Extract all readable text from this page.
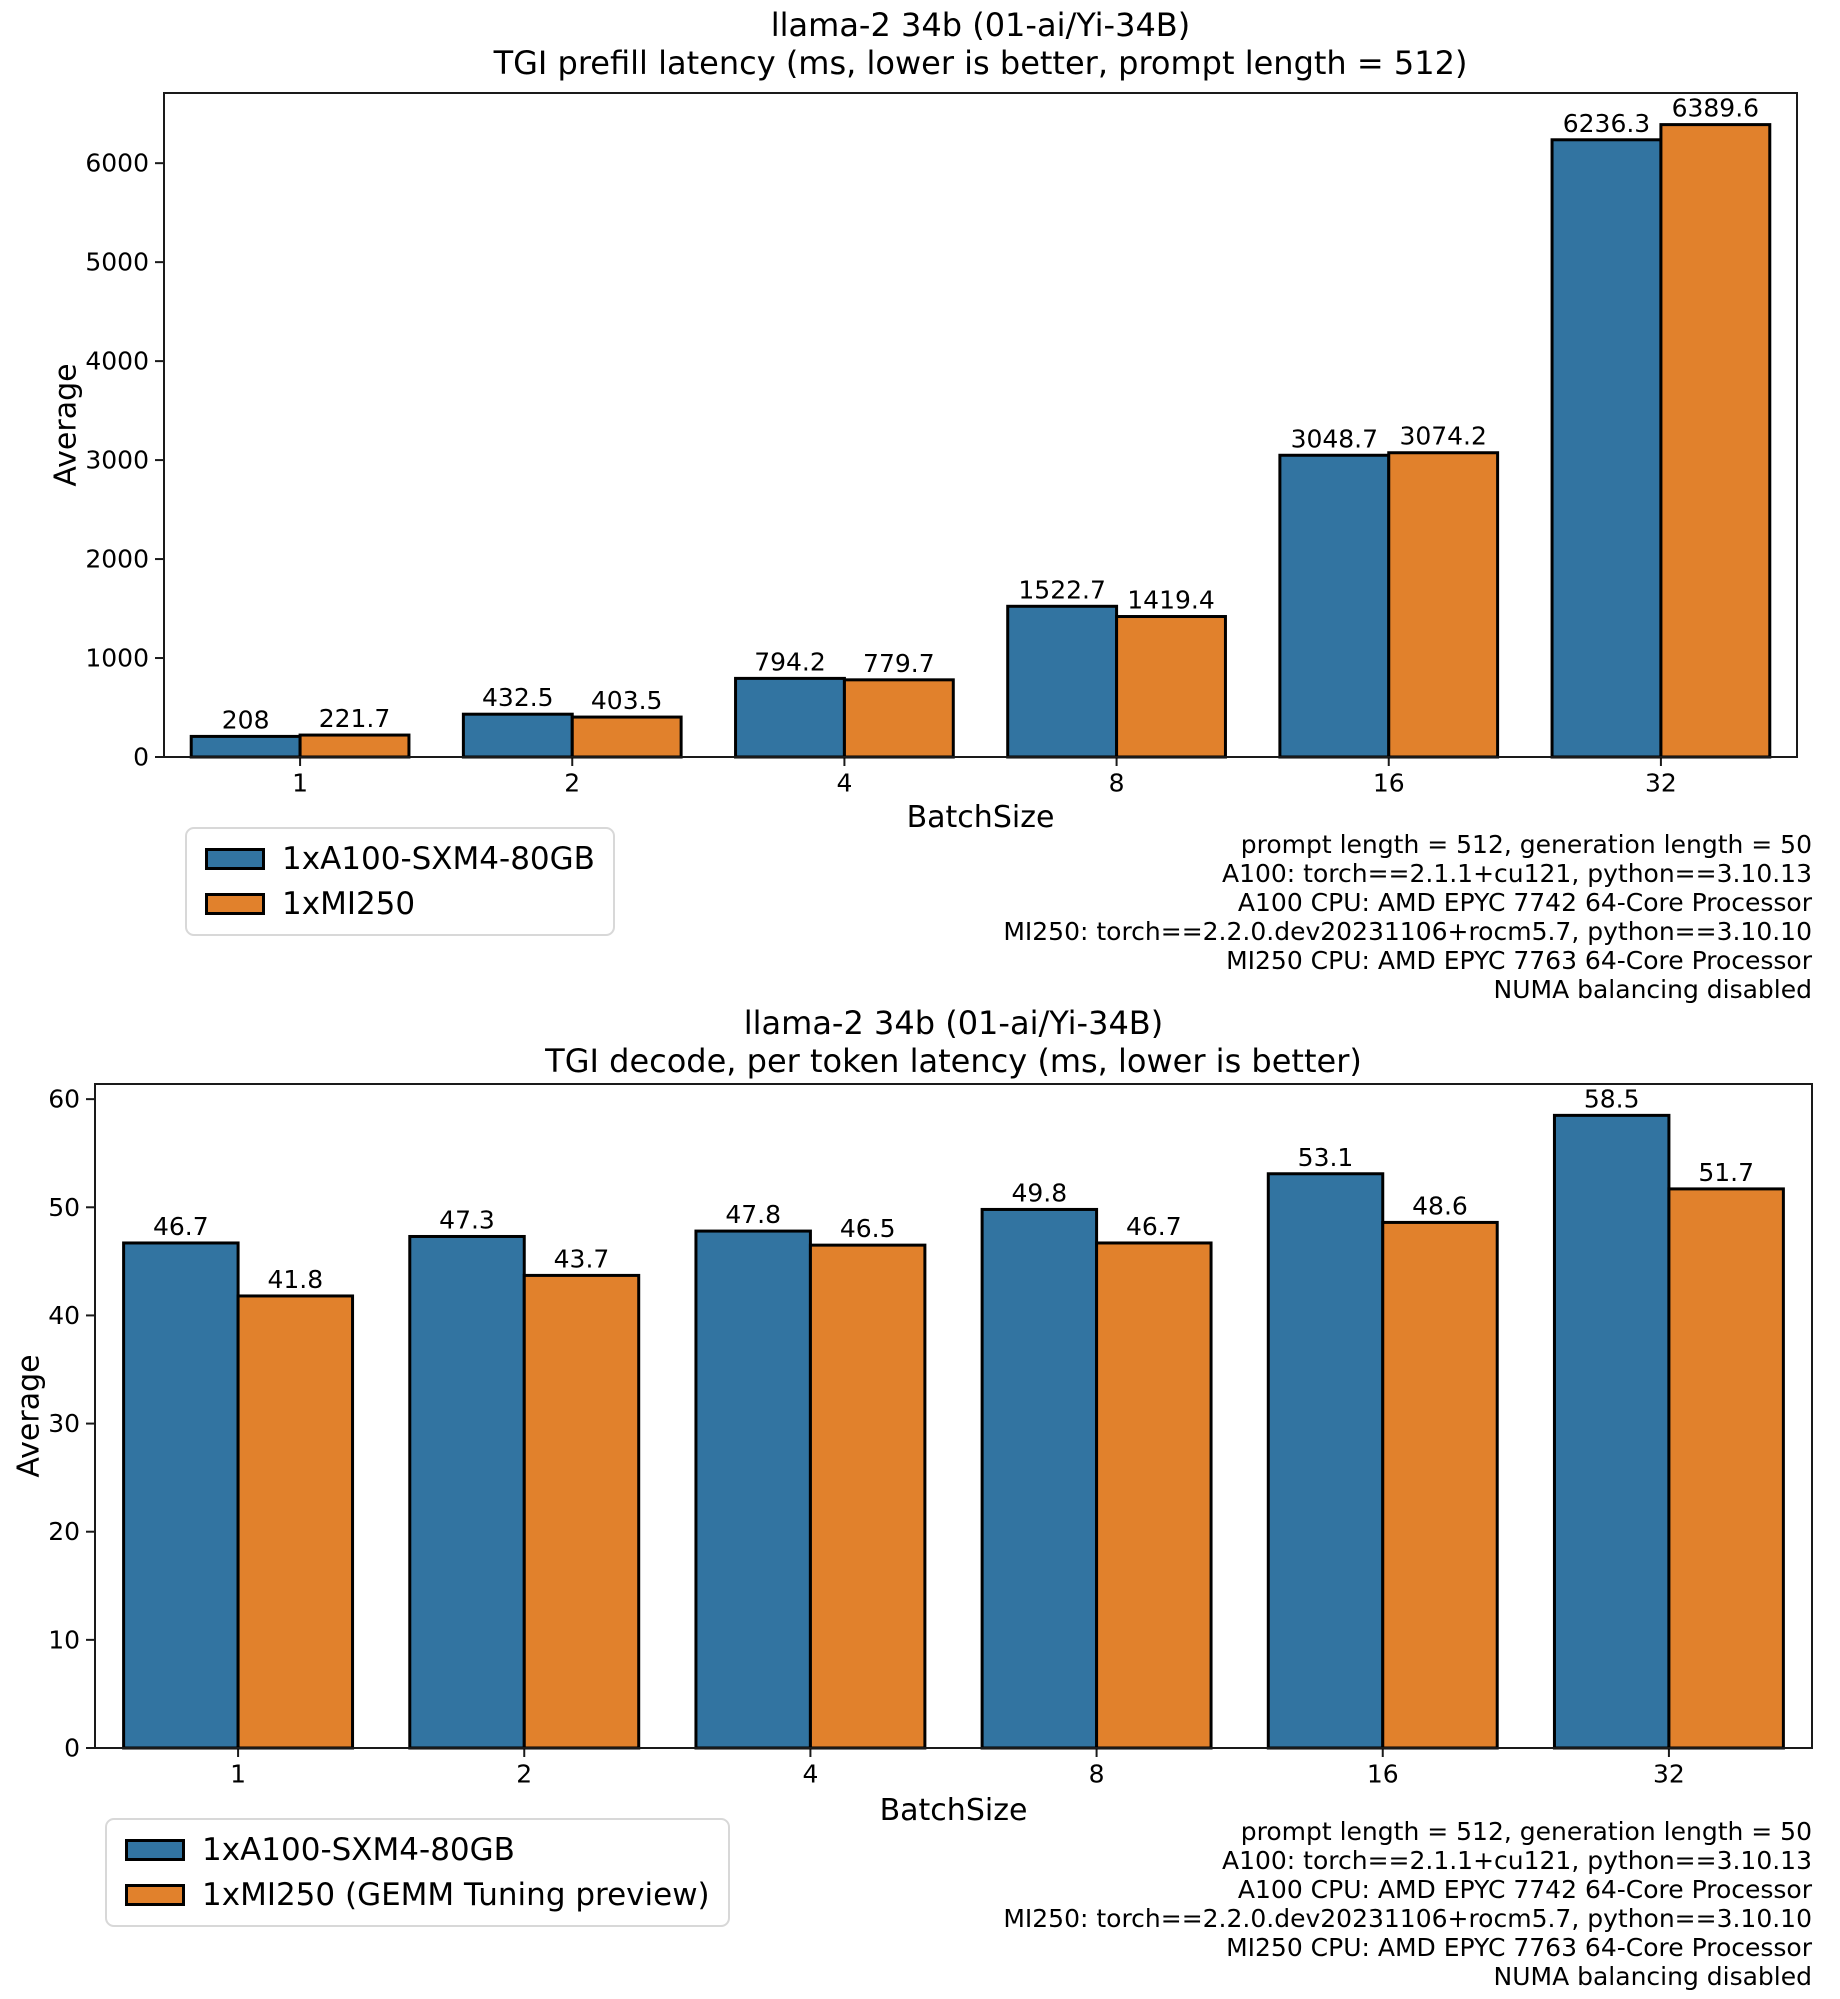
1
208 221.7
2
432.5 403.5
4
794.2 779.7
8
1522.7 1419.4
16
3048.7 3074.2
32
6236.3
6389.6
0
1000
2000
3000
4000
5000
6000
1
46.7
41.8
2
47.3
43.7
4
47.8 46.5
8
49.8
46.7
16
53.1
48.6
32
58.5
51.7
0
10
20
30
40
50
60
llama-2 34b (01-ai/Yi-34B)
TGI prefill latency (ms, lower is better, prompt length = 512)
Average
BatchSize
1xA100-SXM4-80GB
1xMI250
prompt length = 512, generation length = 50
A100: torch==2.1.1+cu121, python==3.10.13
A100 CPU: AMD EPYC 7742 64-Core Processor
MI250: torch==2.2.0.dev20231106+rocm5.7, python==3.10.10
MI250 CPU: AMD EPYC 7763 64-Core Processor
NUMA balancing disabled
llama-2 34b (01-ai/Yi-34B)
TGI decode, per token latency (ms, lower is better)
Average
BatchSize
1xA100-SXM4-80GB
1xMI250 (GEMM Tuning preview)
prompt length = 512, generation length = 50
A100: torch==2.1.1+cu121, python==3.10.13
A100 CPU: AMD EPYC 7742 64-Core Processor
MI250: torch==2.2.0.dev20231106+rocm5.7, python==3.10.10
MI250 CPU: AMD EPYC 7763 64-Core Processor
NUMA balancing disabled
